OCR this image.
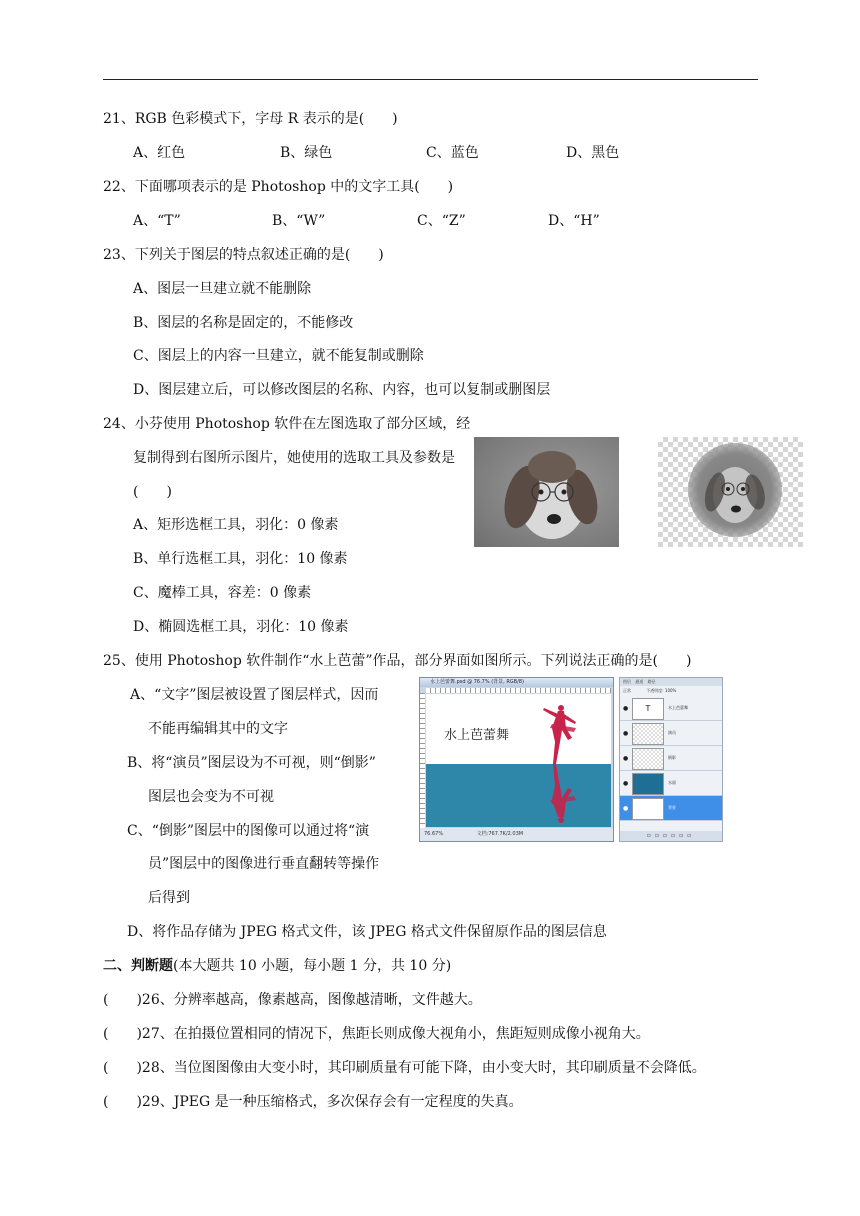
21、RGB 色彩模式下，字母 R 表示的是(　　)
A、红色	B、绿色	C、蓝色	D、黑色
22、下面哪项表示的是 Photoshop 中的文字工具(　　)
A、“T”	B、“W”	C、“Z”	D、“H”
23、下列关于图层的特点叙述正确的是(　　)
A、图层一旦建立就不能删除
B、图层的名称是固定的，不能修改
C、图层上的内容一旦建立，就不能复制或删除
D、图层建立后，可以修改图层的名称、内容，也可以复制或删图层
24、小芬使用 Photoshop 软件在左图选取了部分区域，经
复制得到右图所示图片，她使用的选取工具及参数是
(　　)
A、矩形选框工具，羽化：0 像素
B、单行选框工具，羽化：10 像素
C、魔棒工具，容差：0 像素
D、椭圆选框工具，羽化：10 像素
25、使用 Photoshop 软件制作“水上芭蕾”作品，部分界面如图所示。下列说法正确的是(　　)
A、“文字”图层被设置了图层样式，因而
不能再编辑其中的文字
B、将“演员”图层设为不可视，则“倒影”
图层也会变为不可视
C、“倒影”图层中的图像可以通过将“演
员”图层中的图像进行垂直翻转等操作
后得到
D、将作品存储为 JPEG 格式文件，该 JPEG 格式文件保留原作品的图层信息
水上芭蕾舞.psd @ 76.7% (背景, RGB/8)
水上芭蕾舞
76.67%	文档:767.7K/2.03M
图层 通道 路径
正常	不透明度: 100%
●	T	水上芭蕾舞
●	演员
●	倒影
●	水面
●	背景
▫▫▫▫▫▫
二、判断题(本大题共 10 小题，每小题 1 分，共 10 分)
(　　)26、分辨率越高，像素越高，图像越清晰，文件越大。
(　　)27、在拍摄位置相同的情况下，焦距长则成像大视角小，焦距短则成像小视角大。
(　　)28、当位图图像由大变小时，其印刷质量有可能下降，由小变大时，其印刷质量不会降低。
(　　)29、JPEG 是一种压缩格式，多次保存会有一定程度的失真。
